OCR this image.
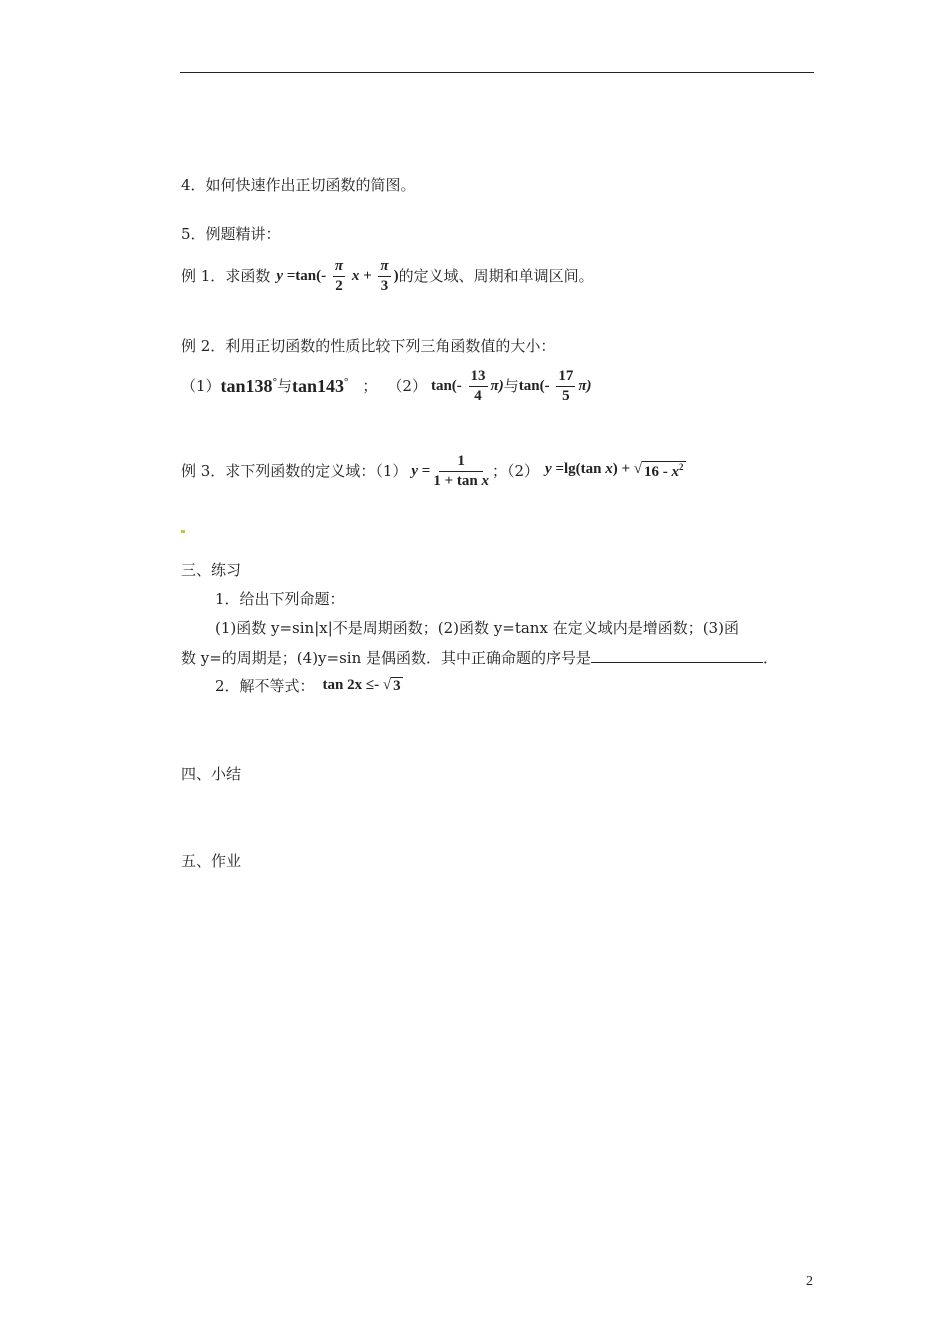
4．如何快速作出正切函数的简图。
5．例题精讲：
例 1． 求函数 $y =\tan(- \frac{\pi}{2}$ $x + \frac{\pi}{3}$ ) 的定义域、周期和单调区间。
例 2．利用正切函数的性质比较下列三角函数值的大小：
（1） tan138° 与 tan143° ； （2） $\tan(- \frac{13}{4} \pi)$ 与 $\tan(- \frac{17}{5} \pi)$
例 3．求下列函数的定义域：（1） $y = \frac{1}{\text{1 + tan x}}$ ；（2） y =lg(tan x) + √ $16 - x^2$
三、练习
1．给出下列命题：
(1)函数 y=sin|x|不是周期函数；(2)函数 y=tanx 在定义域内是增函数；(3)函
数 y=的周期是；(4)y=sin 是偶函数．其中正确命题的序号是	．
2．解不等式： tan 2x ≤- √ 3
四、小结
五、作业
2
